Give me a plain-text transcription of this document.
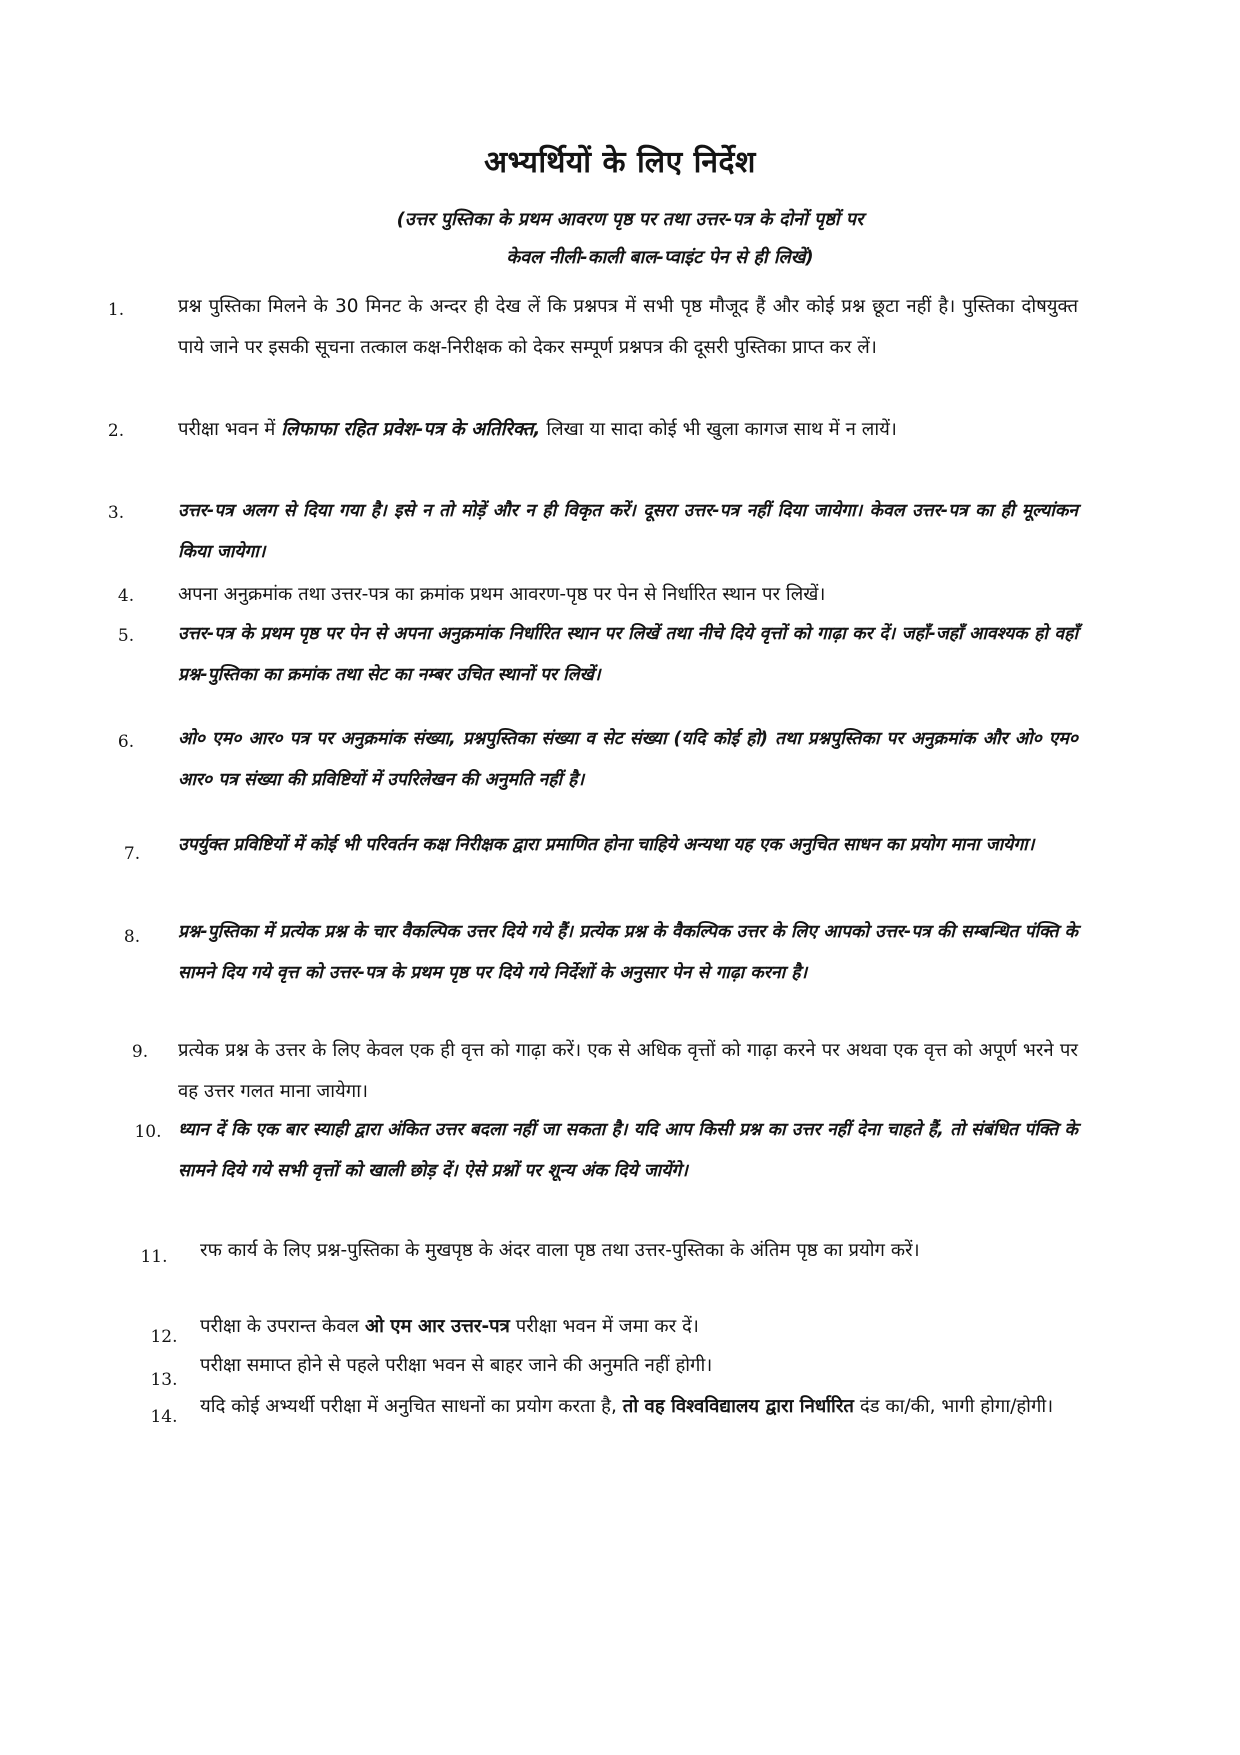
अभ्यर्थियों के लिए निर्देश
(उत्तर पुस्तिका के प्रथम आवरण पृष्ठ पर तथा उत्तर-पत्र के दोनों पृष्ठों पर
केवल नीली-काली बाल-प्वाइंट पेन से ही लिखें)
1.	प्रश्न पुस्तिका मिलने के 30 मिनट के अन्दर ही देख लें कि प्रश्नपत्र में सभी पृष्ठ मौजूद हैं और कोई प्रश्न छूटा नहीं है। पुस्तिका दोषयुक्त पाये जाने पर इसकी सूचना तत्काल कक्ष-निरीक्षक को देकर सम्पूर्ण प्रश्नपत्र की दूसरी पुस्तिका प्राप्त कर लें।
2.	परीक्षा भवन में लिफाफा रहित प्रवेश-पत्र के अतिरिक्त, लिखा या सादा कोई भी खुला कागज साथ में न लायें।
3.	उत्तर-पत्र अलग से दिया गया है। इसे न तो मोड़ें और न ही विकृत करें। दूसरा उत्तर-पत्र नहीं दिया जायेगा। केवल उत्तर-पत्र का ही मूल्यांकन किया जायेगा।
4.	अपना अनुक्रमांक तथा उत्तर-पत्र का क्रमांक प्रथम आवरण-पृष्ठ पर पेन से निर्धारित स्थान पर लिखें।
5.	उत्तर-पत्र के प्रथम पृष्ठ पर पेन से अपना अनुक्रमांक निर्धारित स्थान पर लिखें तथा नीचे दिये वृत्तों को गाढ़ा कर दें। जहाँ-जहाँ आवश्यक हो वहाँ प्रश्न-पुस्तिका का क्रमांक तथा सेट का नम्बर उचित स्थानों पर लिखें।
6.	ओ० एम० आर० पत्र पर अनुक्रमांक संख्या, प्रश्नपुस्तिका संख्या व सेट संख्या (यदि कोई हो) तथा प्रश्नपुस्तिका पर अनुक्रमांक और ओ० एम० आर० पत्र संख्या की प्रविष्टियों में उपरिलेखन की अनुमति नहीं है।
7.	उपर्युक्त प्रविष्टियों में कोई भी परिवर्तन कक्ष निरीक्षक द्वारा प्रमाणित होना चाहिये अन्यथा यह एक अनुचित साधन का प्रयोग माना जायेगा।
8.	प्रश्न-पुस्तिका में प्रत्येक प्रश्न के चार वैकल्पिक उत्तर दिये गये हैं। प्रत्येक प्रश्न के वैकल्पिक उत्तर के लिए आपको उत्तर-पत्र की सम्बन्धित पंक्ति के सामने दिय गये वृत्त को उत्तर-पत्र के प्रथम पृष्ठ पर दिये गये निर्देशों के अनुसार पेन से गाढ़ा करना है।
9.	प्रत्येक प्रश्न के उत्तर के लिए केवल एक ही वृत्त को गाढ़ा करें। एक से अधिक वृत्तों को गाढ़ा करने पर अथवा एक वृत्त को अपूर्ण भरने पर वह उत्तर गलत माना जायेगा।
10. ध्यान दें कि एक बार स्याही द्वारा अंकित उत्तर बदला नहीं जा सकता है। यदि आप किसी प्रश्न का उत्तर नहीं देना चाहते हैं, तो संबंधित पंक्ति के सामने दिये गये सभी वृत्तों को खाली छोड़ दें। ऐसे प्रश्नों पर शून्य अंक दिये जायेंगे।
11.	रफ कार्य के लिए प्रश्न-पुस्तिका के मुखपृष्ठ के अंदर वाला पृष्ठ तथा उत्तर-पुस्तिका के अंतिम पृष्ठ का प्रयोग करें।
12.	परीक्षा के उपरान्त केवल ओ एम आर उत्तर-पत्र परीक्षा भवन में जमा कर दें।
13.
परीक्षा समाप्त होने से पहले परीक्षा भवन से बाहर जाने की अनुमति नहीं होगी।
14.	यदि कोई अभ्यर्थी परीक्षा में अनुचित साधनों का प्रयोग करता है, तो वह विश्वविद्यालय द्वारा निर्धारित दंड का/की, भागी होगा/होगी।
